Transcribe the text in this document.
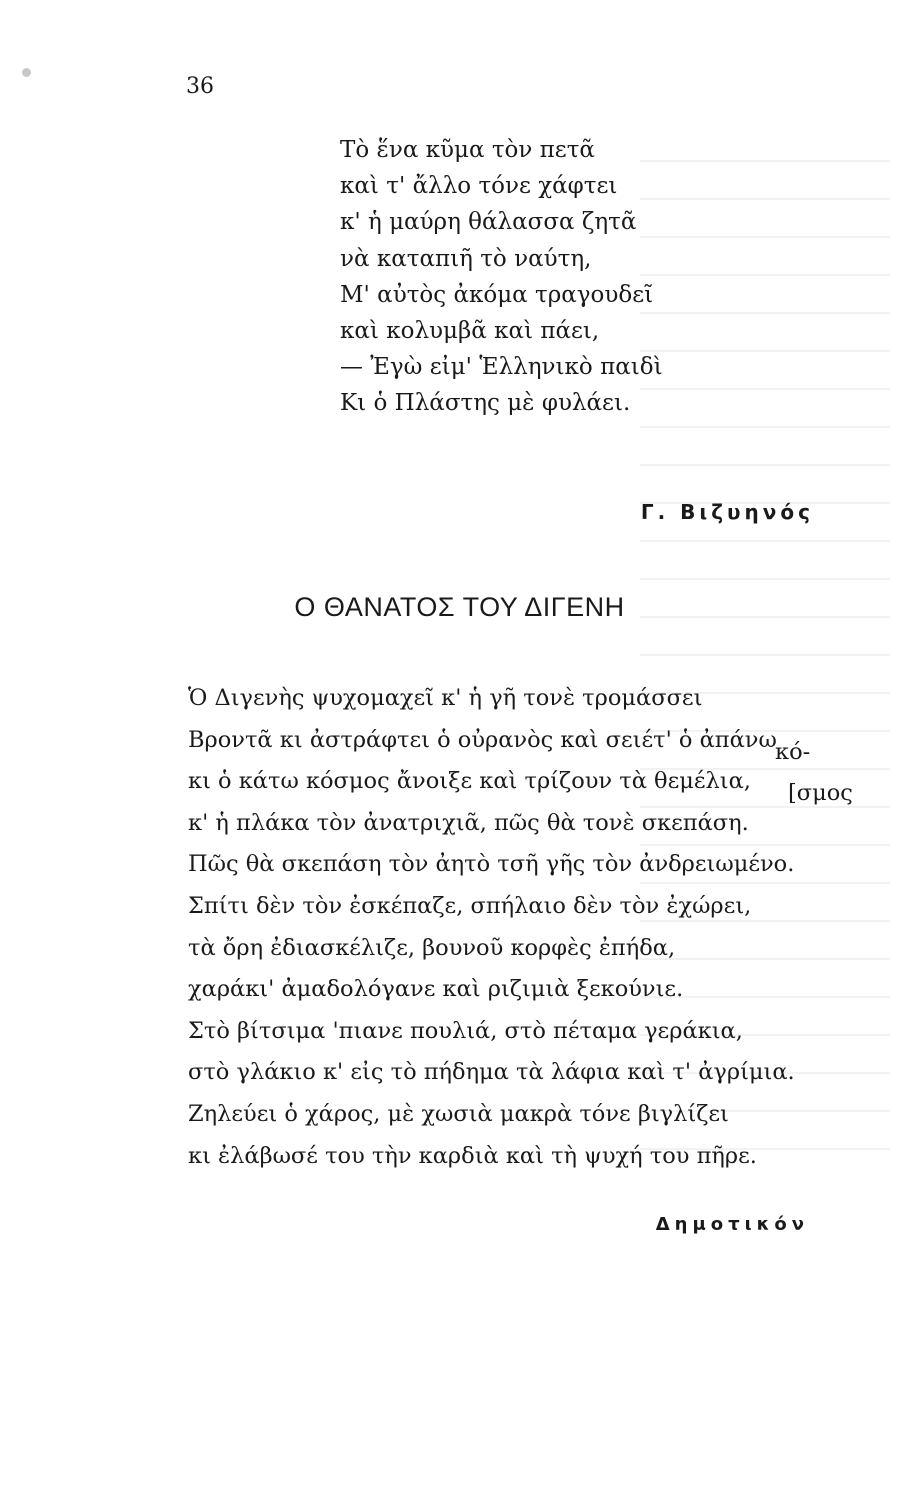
36
Τὸ ἕνα κῦμα τὸν πετᾶ
καὶ τ' ἄλλο τόνε χάφτει
κ' ἡ μαύρη θάλασσα ζητᾶ
νὰ καταπιῆ τὸ ναύτη,
Μ' αὐτὸς ἀκόμα τραγουδεῖ
καὶ κολυμβᾶ καὶ πάει,
— Ἐγὼ εἰμ' Ἑλληνικὸ παιδὶ
Κι ὁ Πλάστης μὲ φυλάει.
Γ. Βιζυηνός
Ο ΘΑΝΑΤΟΣ ΤΟΥ ΔΙΓΕΝΗ
Ὁ Διγενὴς ψυχομαχεῖ κ' ἡ γῆ τονὲ τρομάσσει
Βροντᾶ κι ἀστράφτει ὁ οὐρανὸς καὶ σειέτ' ὁ ἀπάνω
κι ὁ κάτω κόσμος ἄνοιξε καὶ τρίζουν τὰ θεμέλια,
κ' ἡ πλάκα τὸν ἀνατριχιᾶ, πῶς θὰ τονὲ σκεπάση.
Πῶς θὰ σκεπάση τὸν ἀητὸ τσῆ γῆς τὸν ἀνδρειωμένο.
Σπίτι δὲν τὸν ἐσκέπαζε, σπήλαιο δὲν τὸν ἐχώρει,
τὰ ὄρη ἐδιασκέλιζε, βουνοῦ κορφὲς ἐπήδα,
χαράκι' ἀμαδολόγανε καὶ ριζιμιὰ ξεκούνιε.
Στὸ βίτσιμα 'πιανε πουλιά, στὸ πέταμα γεράκια,
στὸ γλάκιο κ' εἰς τὸ πήδημα τὰ λάφια καὶ τ' ἀγρίμια.
Ζηλεύει ὁ χάρος, μὲ χωσιὰ μακρὰ τόνε βιγλίζει
κι ἐλάβωσέ του τὴν καρδιὰ καὶ τὴ ψυχή του πῆρε.
κό-
[σμος
Δημοτικόν
